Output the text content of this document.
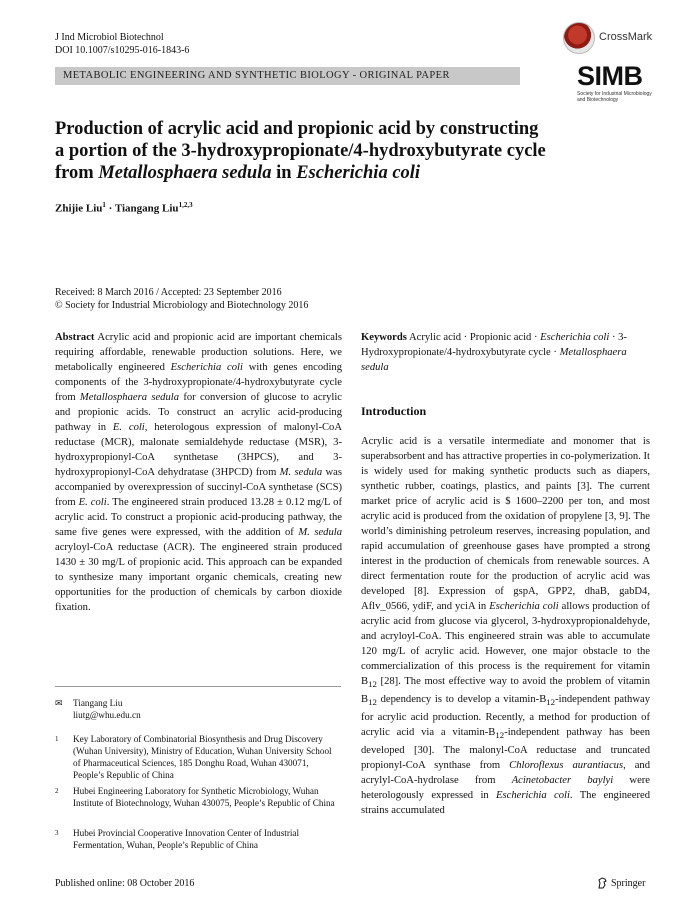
J Ind Microbiol Biotechnol
DOI 10.1007/s10295-016-1843-6
CrossMark
METABOLIC ENGINEERING AND SYNTHETIC BIOLOGY - ORIGINAL PAPER	SIMB
Society for Industrial Microbiology
and Biotechnology
Production of acrylic acid and propionic acid by constructing
a portion of the 3-hydroxypropionate/4-hydroxybutyrate cycle
from Metallosphaera sedula in Escherichia coli
Zhijie Liu$^1$ · Tiangang Liu$^{1,2,3}$
Received: 8 March 2016 / Accepted: 23 September 2016
© Society for Industrial Microbiology and Biotechnology 2016

Abstract Acrylic acid and propionic acid are important chemicals requiring affordable, renewable production solutions. Here, we metabolically engineered Escherichia coli with genes encoding components of the 3-hydroxypropionate/4-hydroxybutyrate cycle from Metallosphaera sedula for conversion of glucose to acrylic and propionic acids. To construct an acrylic acid-producing pathway in E. coli, heterologous expression of malonyl-CoA reductase (MCR), malonate semialdehyde reductase (MSR), 3-hydroxypropionyl-CoA synthetase (3HPCS), and 3-hydroxypropionyl-CoA dehydratase (3HPCD) from M. sedula was accompanied by overexpression of succinyl-CoA synthetase (SCS) from E. coli. The engineered strain produced 13.28 ± 0.12 mg/L of acrylic acid. To construct a propionic acid-producing pathway, the same five genes were expressed, with the addition of M. sedula acryloyl-CoA reductase (ACR). The engineered strain produced 1430 ± 30 mg/L of propionic acid. This approach can be expanded to synthesize many important organic chemicals, creating new opportunities for the production of chemicals by carbon dioxide fixation.

Keywords Acrylic acid · Propionic acid · Escherichia coli · 3-Hydroxypropionate/4-hydroxybutyrate cycle · Metallosphaera sedula

Introduction

Acrylic acid is a versatile intermediate and monomer that is superabsorbent and has attractive properties in co-polymerization. It is widely used for making synthetic products such as diapers, synthetic rubber, coatings, plastics, and paints [3]. The current market price of acrylic acid is $ 1600–2200 per ton, and most acrylic acid is produced from the oxidation of propylene [3, 9]. The world’s diminishing petroleum reserves, increasing population, and rapid accumulation of greenhouse gases have prompted a strong interest in the production of chemicals from renewable sources. A direct fermentation route for the production of acrylic acid was developed [8]. Expression of gspA, GPP2, dhaB, gabD4, Aflv_0566, ydiF, and yciA in Escherichia coli allows production of acrylic acid from glucose via glycerol, 3-hydroxypropionaldehyde, and acryloyl-CoA. This engineered strain was able to accumulate 120 mg/L of acrylic acid. However, one major obstacle to the commercialization of this process is the requirement for vitamin $B_{12}$ [28]. The most effective way to avoid the problem of vitamin $B_{12}$ dependency is to develop a vitamin-$B_{12}$-independent pathway for acrylic acid production. Recently, a method for production of acrylic acid via a vitamin-$B_{12}$-independent pathway has been developed [30]. The malonyl-CoA reductase and truncated propionyl-CoA synthase from Chloroflexus aurantiacus, and acrylyl-CoA-hydrolase from Acinetobacter baylyi were heterologously expressed in Escherichia coli. The engineered strains accumulated

✉	Tiangang Liu
liutg@whu.edu.cn
1	Key Laboratory of Combinatorial Biosynthesis and Drug Discovery (Wuhan University), Ministry of Education, Wuhan University School of Pharmaceutical Sciences, 185 Donghu Road, Wuhan 430071, People’s Republic of China
2	Hubei Engineering Laboratory for Synthetic Microbiology, Wuhan Institute of Biotechnology, Wuhan 430075, People’s Republic of China
3	Hubei Provincial Cooperative Innovation Center of Industrial Fermentation, Wuhan, People’s Republic of China
Published online: 08 October 2016	Springer
